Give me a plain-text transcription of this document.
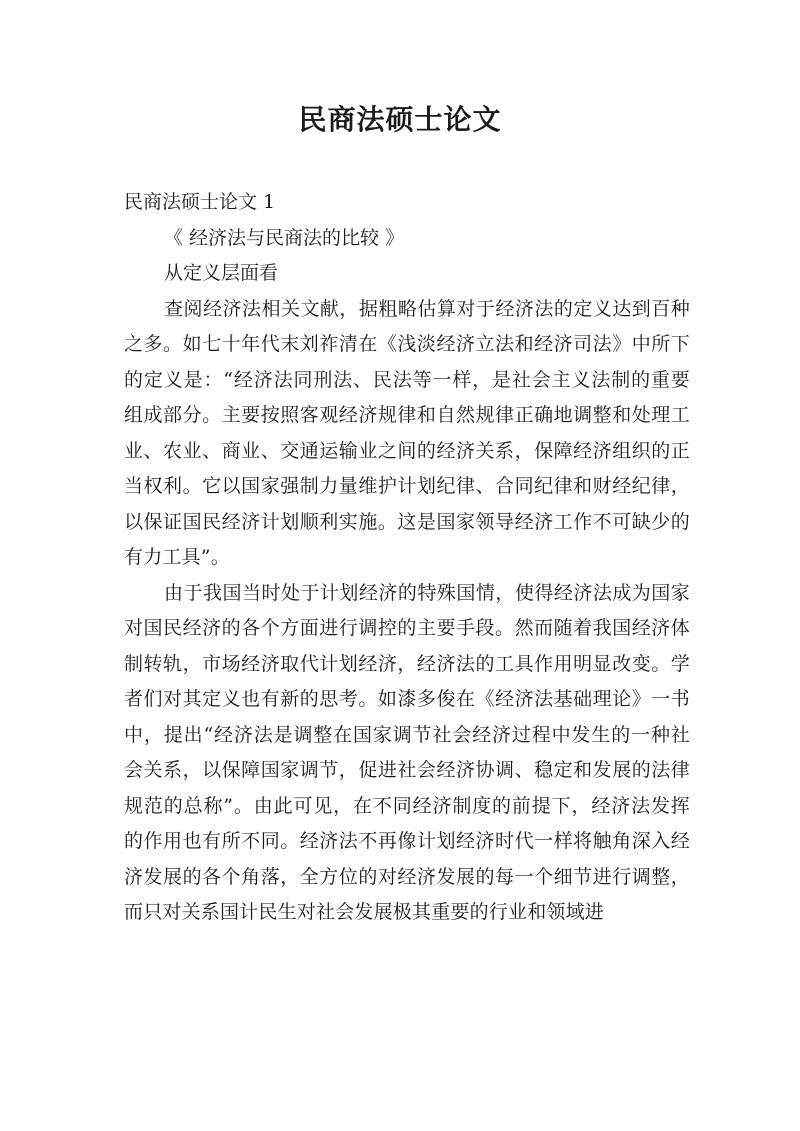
民商法硕士论文
民商法硕士论文 1

《 经济法与民商法的比较 》

从定义层面看

查阅经济法相关文献，据粗略估算对于经济法的定义达到百种之多。如七十年代末刘祚清在《浅淡经济立法和经济司法》中所下的定义是：“经济法同刑法、民法等一样，是社会主义法制的重要组成部分。主要按照客观经济规律和自然规律正确地调整和处理工业、农业、商业、交通运输业之间的经济关系，保障经济组织的正当权利。它以国家强制力量维护计划纪律、合同纪律和财经纪律，以保证国民经济计划顺利实施。这是国家领导经济工作不可缺少的有力工具”。

由于我国当时处于计划经济的特殊国情，使得经济法成为国家对国民经济的各个方面进行调控的主要手段。然而随着我国经济体制转轨，市场经济取代计划经济，经济法的工具作用明显改变。学者们对其定义也有新的思考。如漆多俊在《经济法基础理论》一书中，提出“经济法是调整在国家调节社会经济过程中发生的一种社会关系，以保障国家调节，促进社会经济协调、稳定和发展的法律规范的总称”。由此可见，在不同经济制度的前提下，经济法发挥的作用也有所不同。经济法不再像计划经济时代一样将触角深入经济发展的各个角落，全方位的对经济发展的每一个细节进行调整，而只对关系国计民生对社会发展极其重要的行业和领域进
